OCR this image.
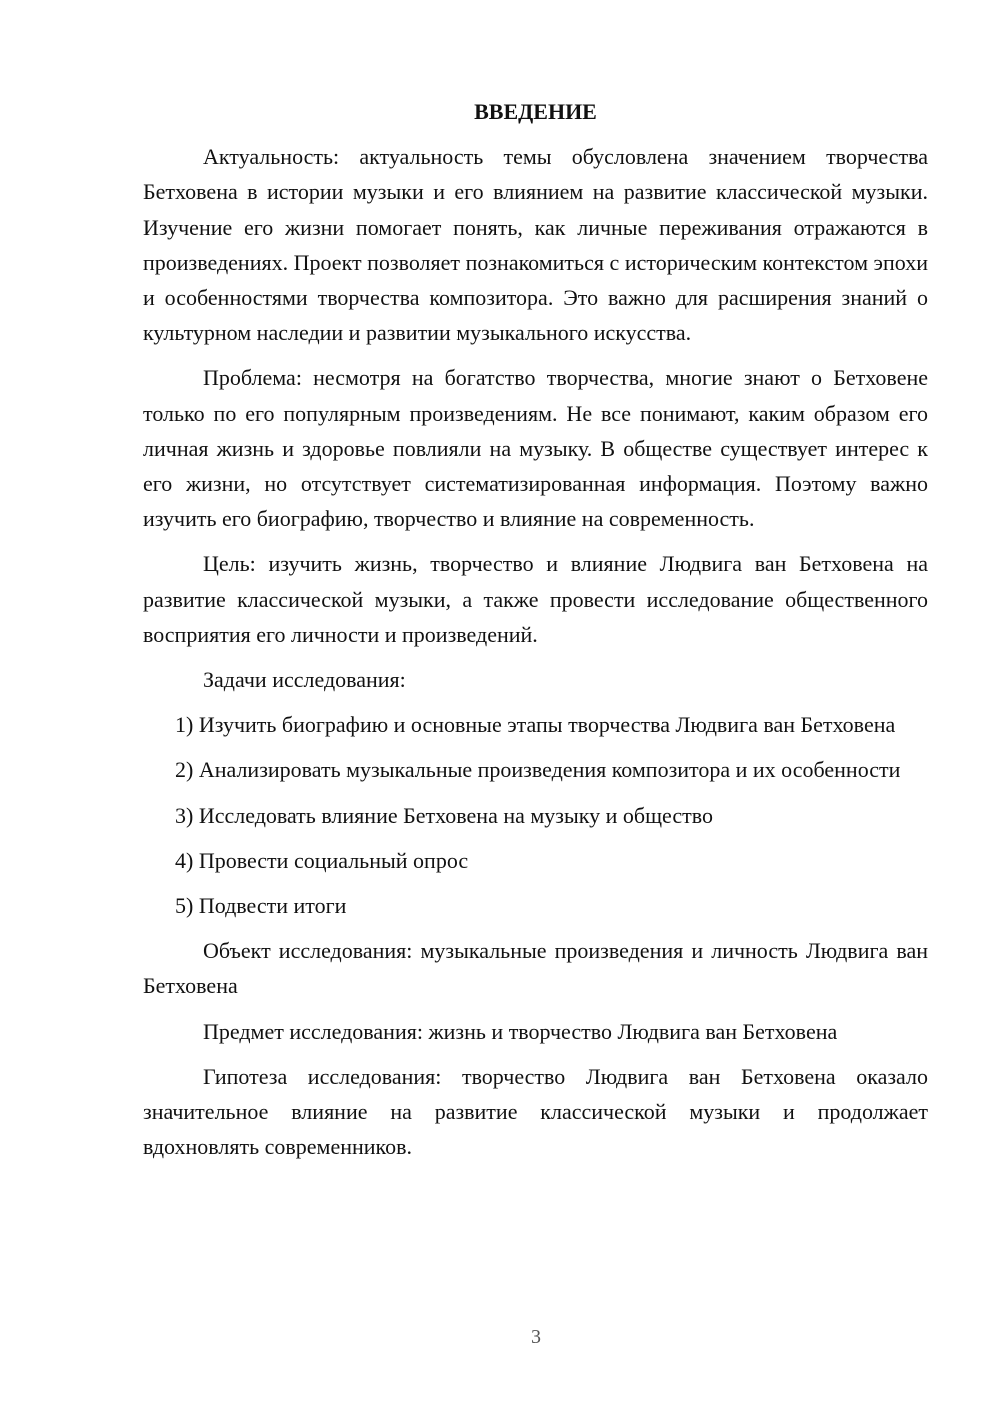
ВВЕДЕНИЕ

Актуальность: актуальность темы обусловлена значением творчества Бетховена в истории музыки и его влиянием на развитие классической музыки. Изучение его жизни помогает понять, как личные переживания отражаются в произведениях. Проект позволяет познакомиться с историческим контекстом эпохи и особенностями творчества композитора. Это важно для расширения знаний о культурном наследии и развитии музыкального искусства.

Проблема: несмотря на богатство творчества, многие знают о Бетховене только по его популярным произведениям. Не все понимают, каким образом его личная жизнь и здоровье повлияли на музыку. В обществе существует интерес к его жизни, но отсутствует систематизированная информация. Поэтому важно изучить его биографию, творчество и влияние на современность.

Цель: изучить жизнь, творчество и влияние Людвига ван Бетховена на развитие классической музыки, а также провести исследование общественного восприятия его личности и произведений.

Задачи исследования:

1) Изучить биографию и основные этапы творчества Людвига ван Бетховена

2) Анализировать музыкальные произведения композитора и их особенности

3) Исследовать влияние Бетховена на музыку и общество

4) Провести социальный опрос

5) Подвести итоги

Объект исследования: музыкальные произведения и личность Людвига ван Бетховена

Предмет исследования: жизнь и творчество Людвига ван Бетховена

Гипотеза исследования: творчество Людвига ван Бетховена оказало значительное влияние на развитие классической музыки и продолжает вдохновлять современников.

3
